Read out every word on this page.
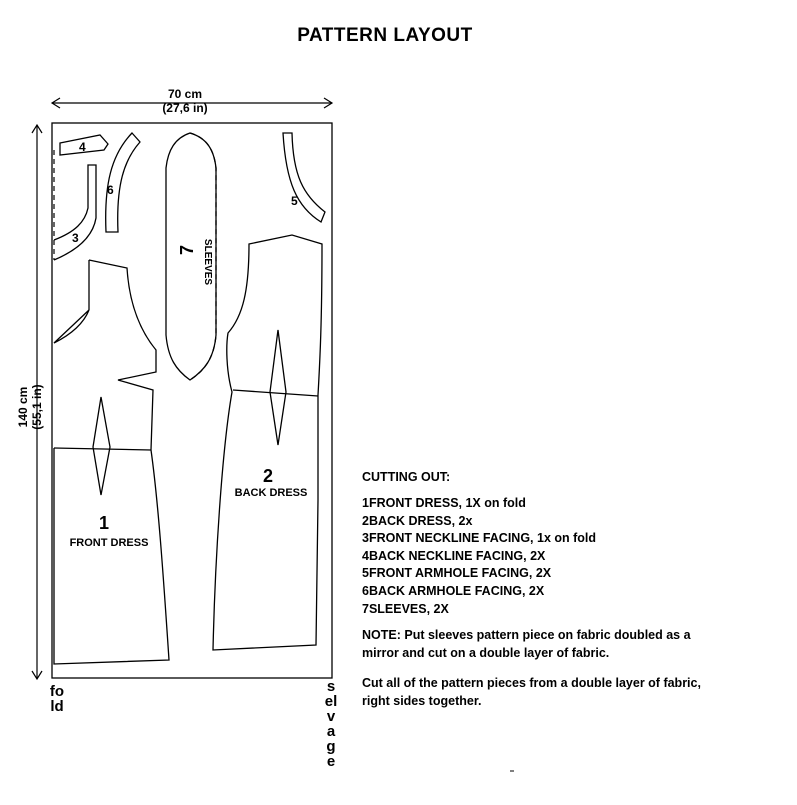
PATTERN LAYOUT
70 cm
(27,6 in)
140 cm (55,1 in)
4
6
3
5
7 SLEEVES
1
FRONT DRESS
2
BACK DRESS
fold
selvage
CUTTING OUT:
1FRONT DRESS, 1X on fold
2BACK DRESS, 2x
3FRONT NECKLINE FACING, 1x on fold
4BACK NECKLINE FACING, 2X
5FRONT ARMHOLE FACING, 2X
6BACK ARMHOLE FACING, 2X
7SLEEVES, 2X
NOTE: Put sleeves pattern piece on fabric doubled as a
mirror and cut on a double layer of fabric.
Cut all of the pattern pieces from a double layer of fabric,
right sides together.
